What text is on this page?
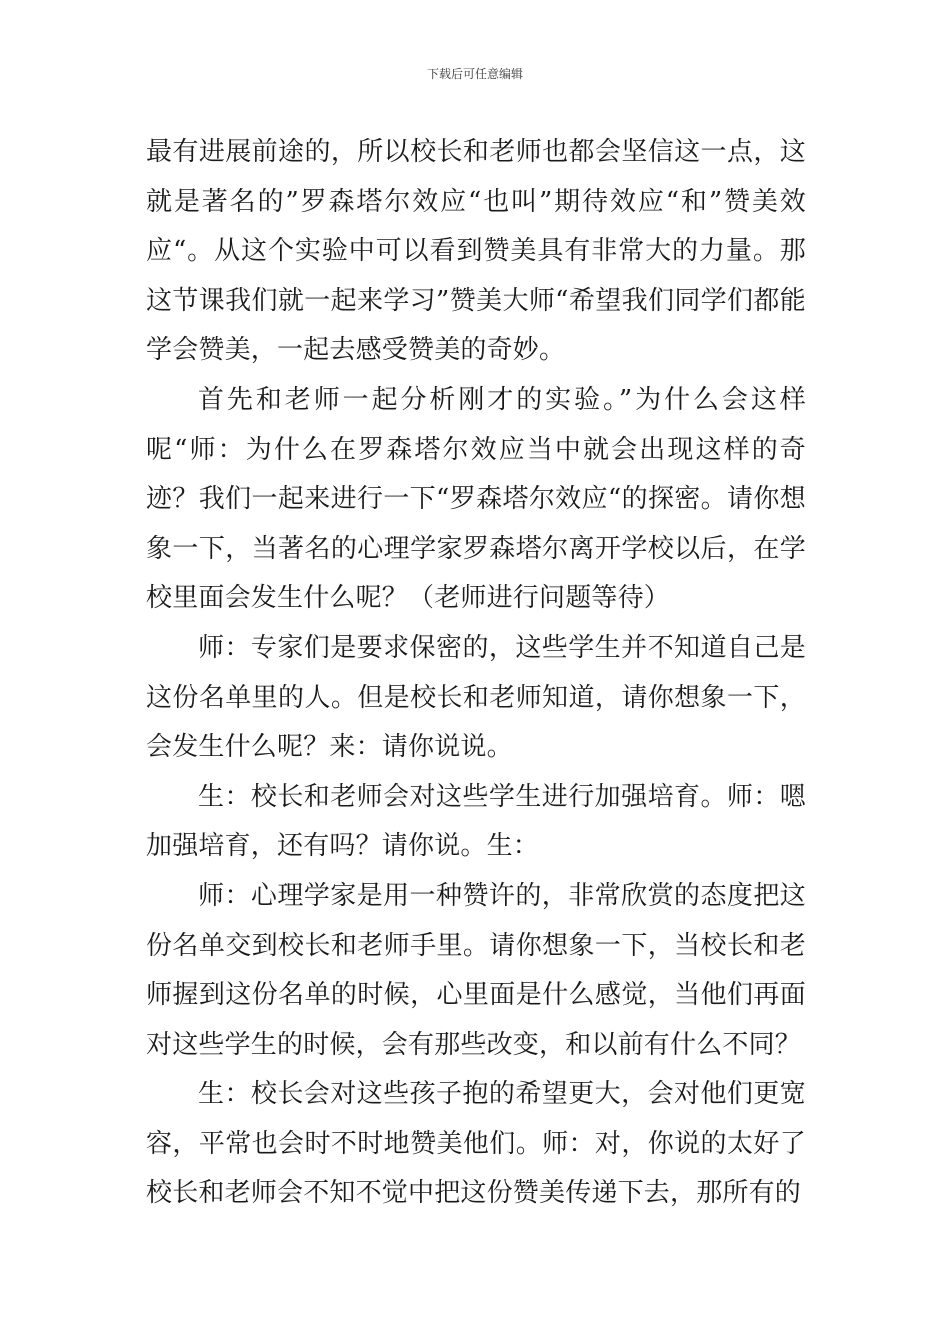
下载后可任意编辑

最有进展前途的，所以校长和老师也都会坚信这一点，这就是著名的”罗森塔尔效应“也叫”期待效应“和”赞美效应“。从这个实验中可以看到赞美具有非常大的力量。那这节课我们就一起来学习”赞美大师“希望我们同学们都能学会赞美，一起去感受赞美的奇妙。

首先和老师一起分析刚才的实验。”为什么会这样呢“师：为什么在罗森塔尔效应当中就会出现这样的奇迹？我们一起来进行一下“罗森塔尔效应“的探密。请你想象一下，当著名的心理学家罗森塔尔离开学校以后，在学校里面会发生什么呢？（老师进行问题等待）

师：专家们是要求保密的，这些学生并不知道自己是这份名单里的人。但是校长和老师知道，请你想象一下，会发生什么呢？来：请你说说。

生：校长和老师会对这些学生进行加强培育。师：嗯加强培育，还有吗？请你说。生：

师：心理学家是用一种赞许的，非常欣赏的态度把这份名单交到校长和老师手里。请你想象一下，当校长和老师握到这份名单的时候，心里面是什么感觉，当他们再面对这些学生的时候，会有那些改变，和以前有什么不同？

生：校长会对这些孩子抱的希望更大，会对他们更宽容，平常也会时不时地赞美他们。师：对，你说的太好了校长和老师会不知不觉中把这份赞美传递下去，那所有的
